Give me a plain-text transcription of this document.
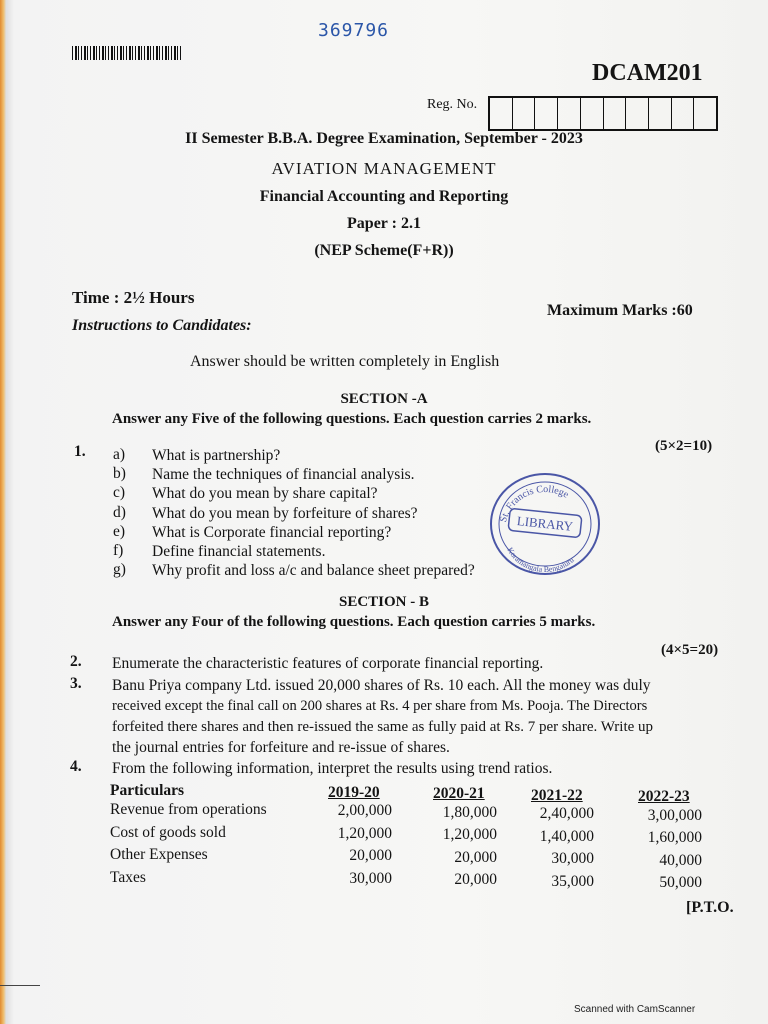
369796
DCAM201
Reg. No.
II Semester B.B.A. Degree Examination, September - 2023
AVIATION MANAGEMENT
Financial Accounting and Reporting
Paper : 2.1
(NEP Scheme(F+R))
Time : 2½ Hours
Maximum Marks :60
Instructions to Candidates:
Answer should be written completely in English
SECTION -A
Answer any Five of the following questions. Each question carries 2 marks.
(5×2=10)
1. a) What is partnership?
b) Name the techniques of financial analysis.
c) What do you mean by share capital?
d) What do you mean by forfeiture of shares?
e) What is Corporate financial reporting?
f) Define financial statements.
g) Why profit and loss a/c and balance sheet prepared?
St. Francis College
Koramangala Bengaluru
LIBRARY
SECTION - B
Answer any Four of the following questions. Each question carries 5 marks.
(4×5=20)
2. Enumerate the characteristic features of corporate financial reporting.
3. Banu Priya company Ltd. issued 20,000 shares of Rs. 10 each. All the money was duly
received except the final call on 200 shares at Rs. 4 per share from Ms. Pooja. The Directors
forfeited there shares and then re-issued the same as fully paid at Rs. 7 per share. Write up
the journal entries for forfeiture and re-issue of shares.
4. From the following information, interpret the results using trend ratios.
Particulars	2019-20	2020-21	2021-22	2022-23
Revenue from operations	2,00,000	1,80,000	2,40,000	3,00,000
Cost of goods sold	1,20,000	1,20,000	1,40,000	1,60,000
Other Expenses	20,000	20,000	30,000	40,000
Taxes	30,000	20,000	35,000	50,000
[P.T.O.
Scanned with CamScanner
